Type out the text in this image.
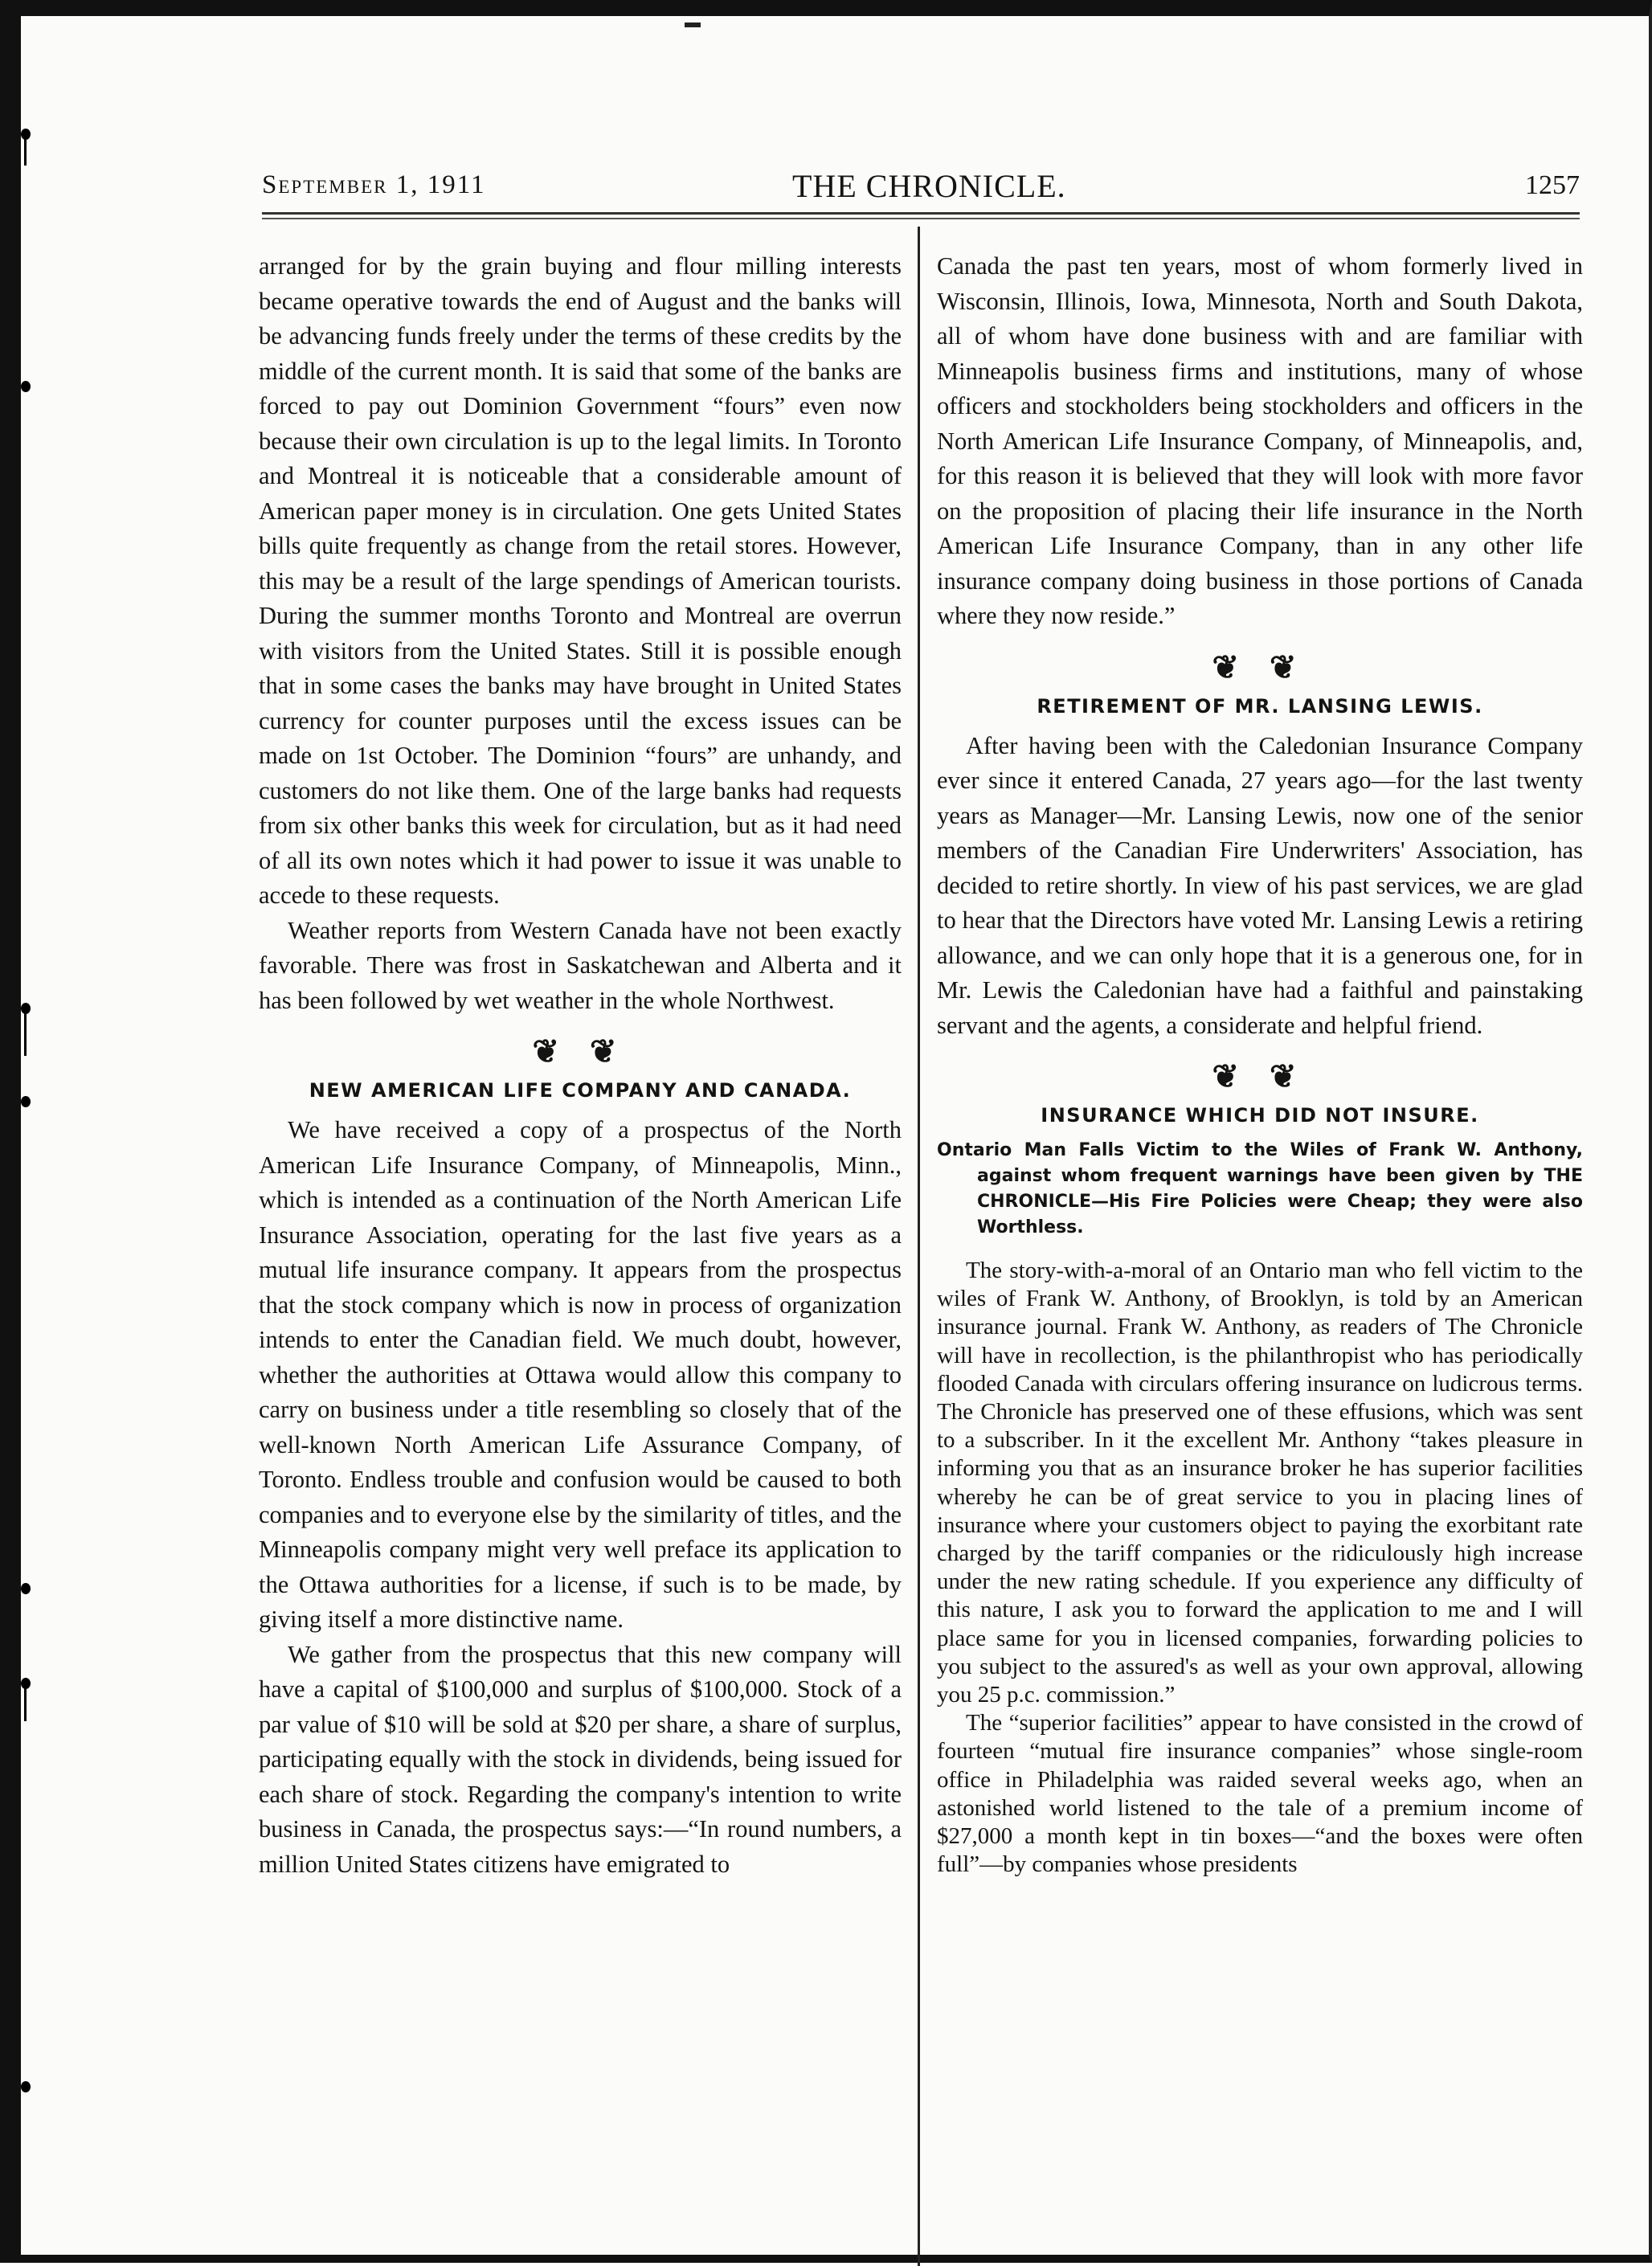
September 1, 1911	THE CHRONICLE.	1257

arranged for by the grain buying and flour milling interests became operative towards the end of August and the banks will be advancing funds freely under the terms of these credits by the middle of the current month. It is said that some of the banks are forced to pay out Dominion Government “fours” even now because their own circulation is up to the legal limits. In Toronto and Montreal it is noticeable that a considerable amount of American paper money is in circulation. One gets United States bills quite frequently as change from the retail stores. However, this may be a result of the large spendings of American tourists. During the summer months Toronto and Montreal are overrun with visitors from the United States. Still it is possible enough that in some cases the banks may have brought in United States currency for counter purposes until the excess issues can be made on 1st October. The Dominion “fours” are unhandy, and customers do not like them. One of the large banks had requests from six other banks this week for circulation, but as it had need of all its own notes which it had power to issue it was unable to accede to these requests.

Weather reports from Western Canada have not been exactly favorable. There was frost in Saskatchewan and Alberta and it has been followed by wet weather in the whole Northwest.

❦ ❦
NEW AMERICAN LIFE COMPANY AND CANADA.

We have received a copy of a prospectus of the North American Life Insurance Company, of Minneapolis, Minn., which is intended as a continuation of the North American Life Insurance Association, operating for the last five years as a mutual life insurance company. It appears from the prospectus that the stock company which is now in process of organization intends to enter the Canadian field. We much doubt, however, whether the authorities at Ottawa would allow this company to carry on business under a title resembling so closely that of the well-known North American Life Assurance Company, of Toronto. Endless trouble and confusion would be caused to both companies and to everyone else by the similarity of titles, and the Minneapolis company might very well preface its application to the Ottawa authorities for a license, if such is to be made, by giving itself a more distinctive name.

We gather from the prospectus that this new company will have a capital of $100,000 and surplus of $100,000. Stock of a par value of $10 will be sold at $20 per share, a share of surplus, participating equally with the stock in dividends, being issued for each share of stock. Regarding the company's intention to write business in Canada, the prospectus says:—“In round numbers, a million United States citizens have emigrated to

Canada the past ten years, most of whom formerly lived in Wisconsin, Illinois, Iowa, Minnesota, North and South Dakota, all of whom have done business with and are familiar with Minneapolis business firms and institutions, many of whose officers and stockholders being stockholders and officers in the North American Life Insurance Company, of Minneapolis, and, for this reason it is believed that they will look with more favor on the proposition of placing their life insurance in the North American Life Insurance Company, than in any other life insurance company doing business in those portions of Canada where they now reside.”

❦ ❦
RETIREMENT OF MR. LANSING LEWIS.

After having been with the Caledonian Insurance Company ever since it entered Canada, 27 years ago—for the last twenty years as Manager—Mr. Lansing Lewis, now one of the senior members of the Canadian Fire Underwriters' Association, has decided to retire shortly. In view of his past services, we are glad to hear that the Directors have voted Mr. Lansing Lewis a retiring allowance, and we can only hope that it is a generous one, for in Mr. Lewis the Caledonian have had a faithful and painstaking servant and the agents, a considerate and helpful friend.

❦ ❦
INSURANCE WHICH DID NOT INSURE.
Ontario Man Falls Victim to the Wiles of Frank W. Anthony, against whom frequent warnings have been given by THE CHRONICLE—His Fire Policies were Cheap; they were also Worthless.

The story-with-a-moral of an Ontario man who fell victim to the wiles of Frank W. Anthony, of Brooklyn, is told by an American insurance journal. Frank W. Anthony, as readers of The Chronicle will have in recollection, is the philanthropist who has periodically flooded Canada with circulars offering insurance on ludicrous terms. The Chronicle has preserved one of these effusions, which was sent to a subscriber. In it the excellent Mr. Anthony “takes pleasure in informing you that as an insurance broker he has superior facilities whereby he can be of great service to you in placing lines of insurance where your customers object to paying the exorbitant rate charged by the tariff companies or the ridiculously high increase under the new rating schedule. If you experience any difficulty of this nature, I ask you to forward the application to me and I will place same for you in licensed companies, forwarding policies to you subject to the assured's as well as your own approval, allowing you 25 p.c. commission.”

The “superior facilities” appear to have consisted in the crowd of fourteen “mutual fire insurance companies” whose single-room office in Philadelphia was raided several weeks ago, when an astonished world listened to the tale of a premium income of $27,000 a month kept in tin boxes—“and the boxes were often full”—by companies whose presidents
